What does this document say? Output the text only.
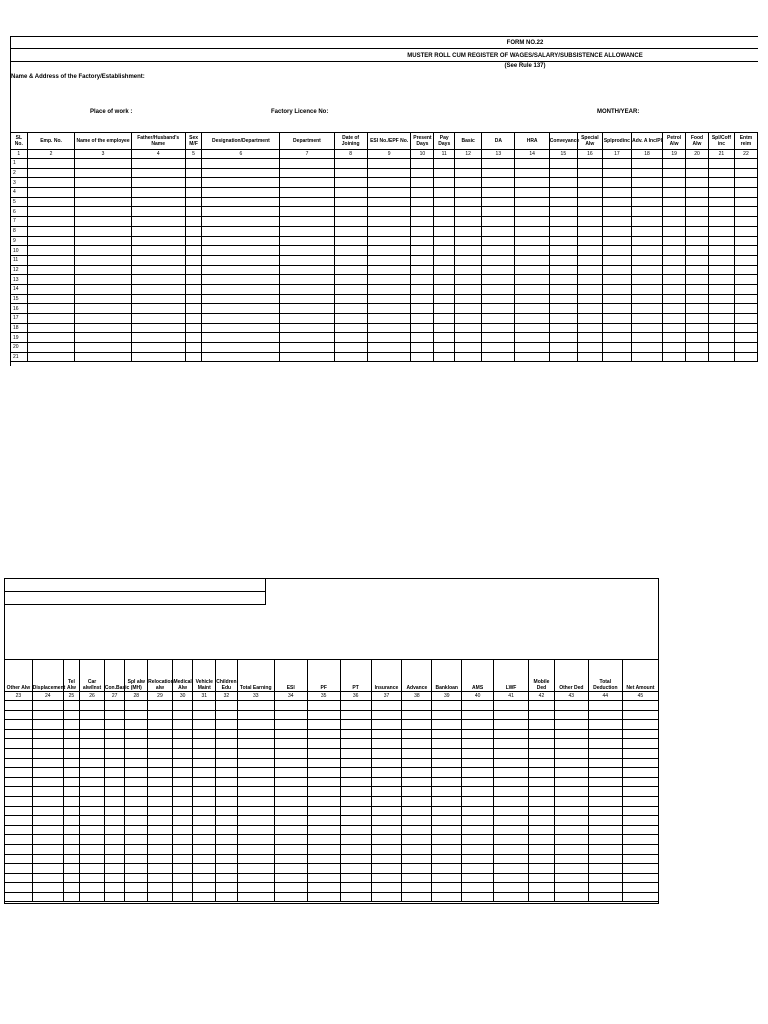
FORM NO.22
MUSTER ROLL CUM REGISTER OF WAGES/SALARY/SUBSISTENCE ALLOWANCE
(See Rule 137)
Name & Address of the Factory/Establishment:
Place of work :	Factory Licence No:	MONTH/YEAR:
SL No.	Emp. No.	Name of the employee	Father/Husband's Name	Sex M/F	Designation/Department	Department	Date of Joining	ESI No./EPF No.	Present Days	Pay Days	Basic	DA	HRA	Conveyance	Special Alw	Splprodinc	Adv. A Inc/PI	Petrol Alw	Food Alw	Spl/Coff inc	Entm reim
1	2	3	4	5	6	7	8	9	10	11	12	13	14	15	16	17	18	19	20	21	22
1																					
2																					
3																					
4																					
5																					
6																					
7																					
8																					
9																					
10																					
11																					
12																					
13																					
14																					
15																					
16																					
17																					
18																					
19																					
20																					
21																					
Other Alw	Displacement	Tel Alw	Car alw/Inst	Con.Basic	Spl alw (MH)	Relocation alw	Medical Alw	Vehicle Maint	Children Edu	Total Earning	ESI	PF	PT	Insurance	Advance	Bankloan	AMS	LWF	Mobile Ded	Other Ded	Total Deduction	Net Amount
23	24	25	26	27	28	29	30	31	32	33	34	35	36	37	38	39	40	41	42	43	44	45
